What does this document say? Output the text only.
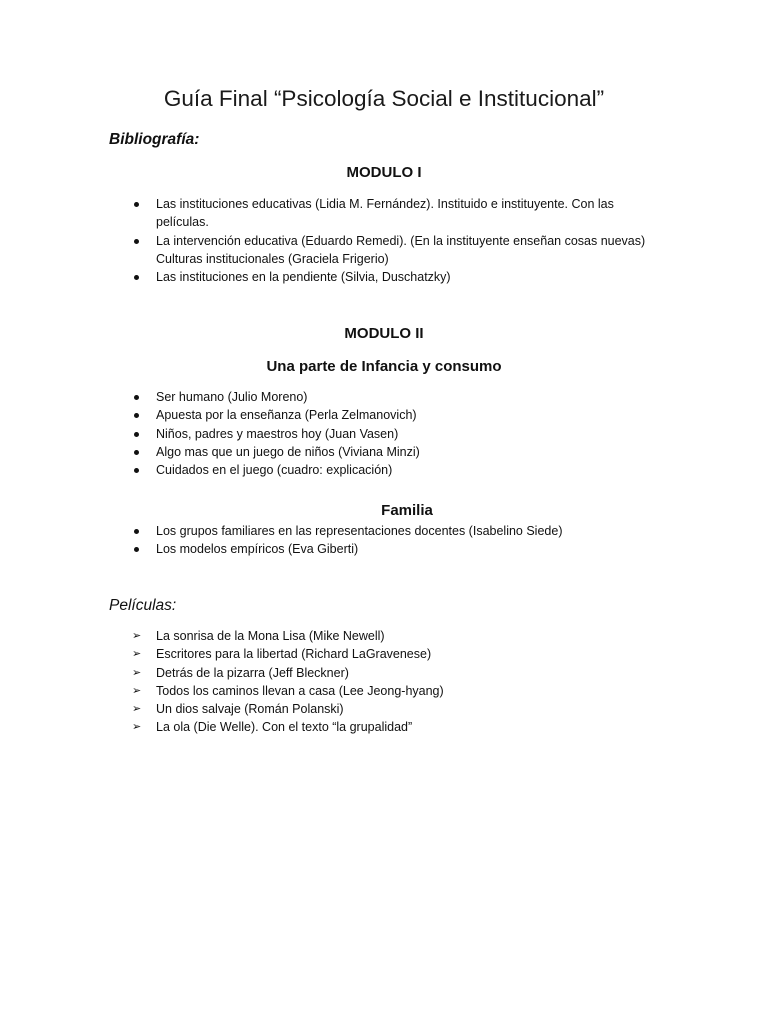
Guía Final “Psicología Social e Institucional”

Bibliografía:

MODULO I
Las instituciones educativas (Lidia M. Fernández). Instituido e instituyente. Con las
películas.
La intervención educativa (Eduardo Remedi). (En la instituyente enseñan cosas nuevas)
Culturas institucionales (Graciela Frigerio)
Las instituciones en la pendiente (Silvia, Duschatzky)
MODULO II
Una parte de Infancia y consumo
Ser humano (Julio Moreno)
Apuesta por la enseñanza (Perla Zelmanovich)
Niños, padres y maestros hoy (Juan Vasen)
Algo mas que un juego de niños (Viviana Minzi)
Cuidados en el juego (cuadro: explicación)
Familia
Los grupos familiares en las representaciones docentes (Isabelino Siede)
Los modelos empíricos (Eva Giberti)

Películas:

➢ La sonrisa de la Mona Lisa (Mike Newell)
➢ Escritores para la libertad (Richard LaGravenese)
➢ Detrás de la pizarra (Jeff Bleckner)
➢ Todos los caminos llevan a casa (Lee Jeong-hyang)
➢ Un dios salvaje (Román Polanski)
➢ La ola (Die Welle). Con el texto “la grupalidad”
